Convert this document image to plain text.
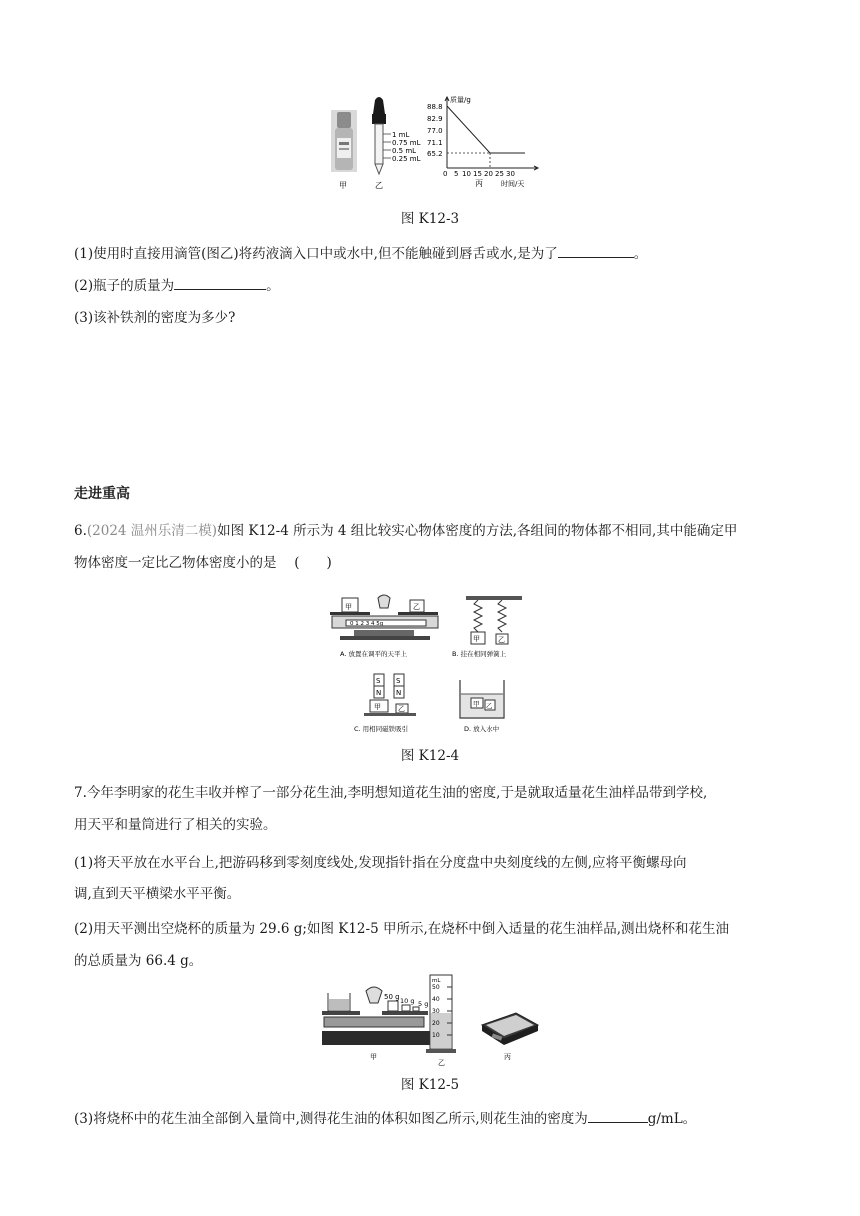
甲
1 mL
0.75 mL
0.5 mL
0.25 mL
乙
质量/g
88.8
82.9
77.0
71.1
65.2
0 5 10 15 20 25 30
时间/天
丙
图 K12-3
(1)使用时直接用滴管(图乙)将药液滴入口中或水中,但不能触碰到唇舌或水,是为了	。
(2)瓶子的质量为	。
(3)该补铁剂的密度为多少?
走进重高
6.(2024 温州乐清二模)如图 K12-4 所示为 4 组比较实心物体密度的方法,各组间的物体都不相同,其中能确定甲
物体密度一定比乙物体密度小的是 　(　　)
甲	乙
0 1 2 3 4 5g
A. 放置在调平的天平上
甲	乙
B. 挂在相同弹簧上
S
N
S
N
甲 乙
C. 用相同磁铁吸引
甲 乙
D. 放入水中
图 K12-4
7.今年李明家的花生丰收并榨了一部分花生油,李明想知道花生油的密度,于是就取适量花生油样品带到学校,
用天平和量筒进行了相关的实验。
(1)将天平放在水平台上,把游码移到零刻度线处,发现指针指在分度盘中央刻度线的左侧,应将平衡螺母向
调,直到天平横梁水平平衡。
(2)用天平测出空烧杯的质量为 29.6 g;如图 K12-5 甲所示,在烧杯中倒入适量的花生油样品,测出烧杯和花生油
的总质量为 66.4 g。
50 g 10 g 5 g
甲
mL
50
40
30
20
10
乙
丙
图 K12-5
(3)将烧杯中的花生油全部倒入量筒中,测得花生油的体积如图乙所示,则花生油的密度为	g/mL。
